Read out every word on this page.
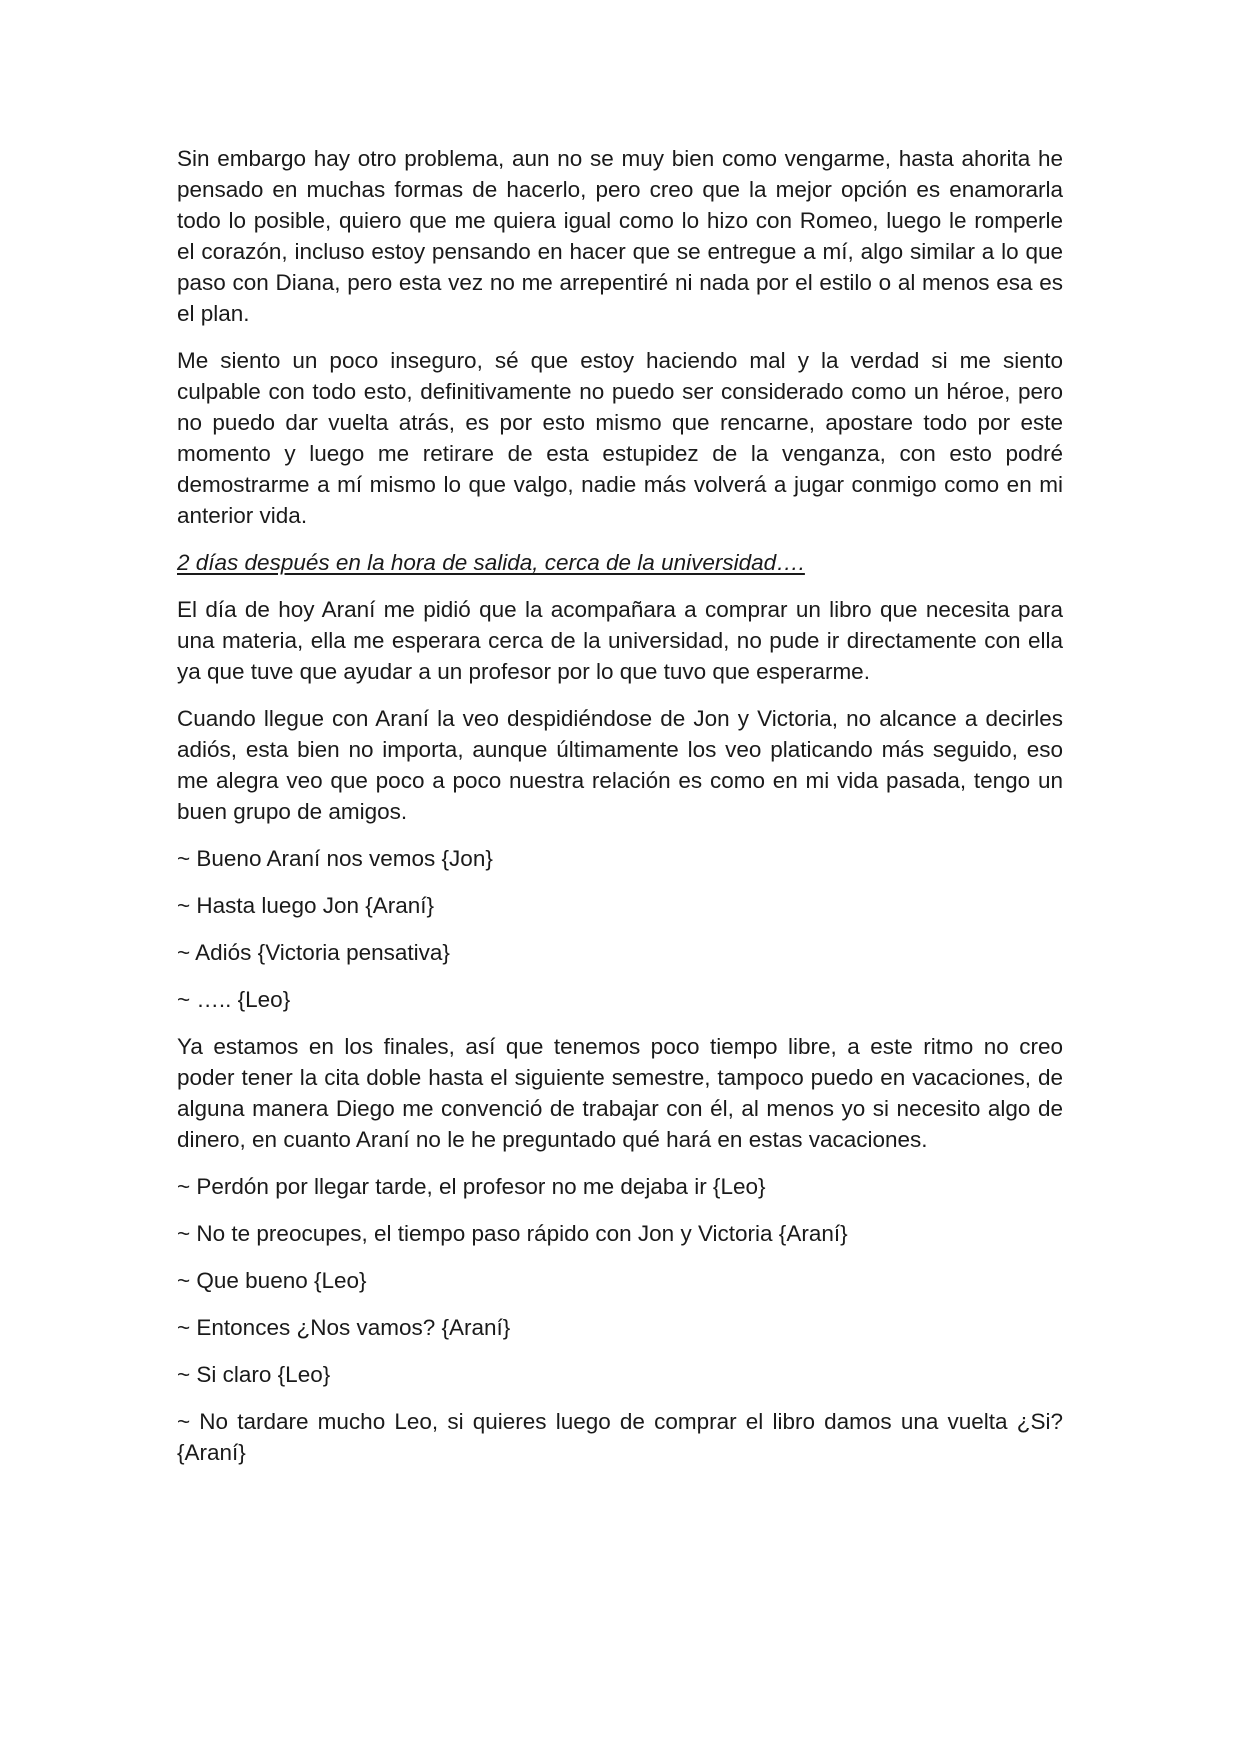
Sin embargo hay otro problema, aun no se muy bien como vengarme, hasta ahorita he pensado en muchas formas de hacerlo, pero creo que la mejor opción es enamorarla todo lo posible, quiero que me quiera igual como lo hizo con Romeo, luego le romperle el corazón, incluso estoy pensando en hacer que se entregue a mí, algo similar a lo que paso con Diana, pero esta vez no me arrepentiré ni nada por el estilo o al menos esa es el plan.

Me siento un poco inseguro, sé que estoy haciendo mal y la verdad si me siento culpable con todo esto, definitivamente no puedo ser considerado como un héroe, pero no puedo dar vuelta atrás, es por esto mismo que rencarne, apostare todo por este momento y luego me retirare de esta estupidez de la venganza, con esto podré demostrarme a mí mismo lo que valgo, nadie más volverá a jugar conmigo como en mi anterior vida.

2 días después en la hora de salida, cerca de la universidad….

El día de hoy Araní me pidió que la acompañara a comprar un libro que necesita para una materia, ella me esperara cerca de la universidad, no pude ir directamente con ella ya que tuve que ayudar a un profesor por lo que tuvo que esperarme.

Cuando llegue con Araní la veo despidiéndose de Jon y Victoria, no alcance a decirles adiós, esta bien no importa, aunque últimamente los veo platicando más seguido, eso me alegra veo que poco a poco nuestra relación es como en mi vida pasada, tengo un buen grupo de amigos.

~ Bueno Araní nos vemos {Jon}

~ Hasta luego Jon {Araní}

~ Adiós {Victoria pensativa}

~ ….. {Leo}

Ya estamos en los finales, así que tenemos poco tiempo libre, a este ritmo no creo poder tener la cita doble hasta el siguiente semestre, tampoco puedo en vacaciones, de alguna manera Diego me convenció de trabajar con él, al menos yo si necesito algo de dinero, en cuanto Araní no le he preguntado qué hará en estas vacaciones.

~ Perdón por llegar tarde, el profesor no me dejaba ir {Leo}

~ No te preocupes, el tiempo paso rápido con Jon y Victoria {Araní}

~ Que bueno {Leo}

~ Entonces ¿Nos vamos? {Araní}

~ Si claro {Leo}

~ No tardare mucho Leo, si quieres luego de comprar el libro damos una vuelta ¿Si? {Araní}
